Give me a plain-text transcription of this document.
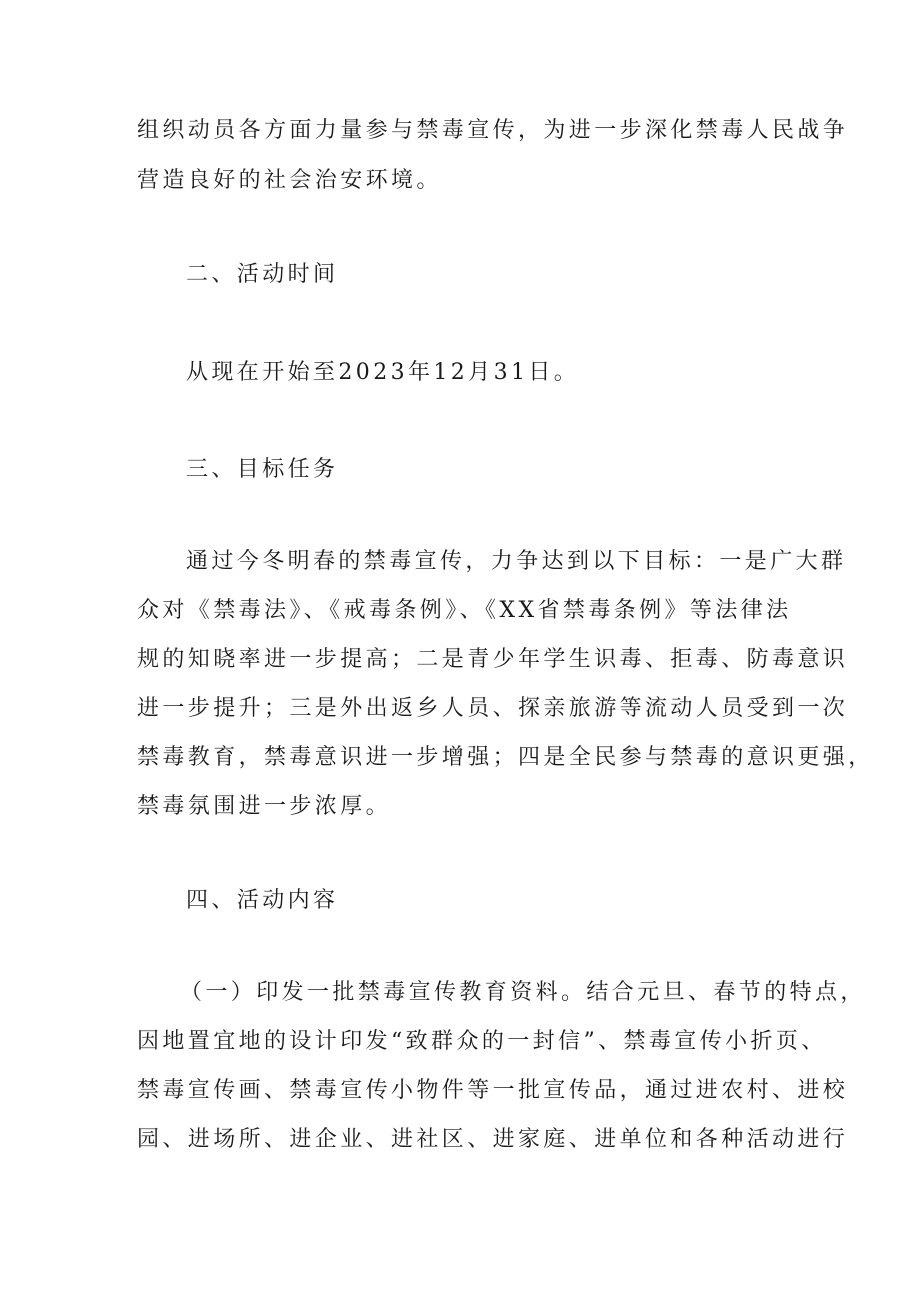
组织动员各方面力量参与禁毒宣传，为进一步深化禁毒人民战争

营造良好的社会治安环境。

二、活动时间

从现在开始至2023年12月31日。

三、目标任务

通过今冬明春的禁毒宣传，力争达到以下目标：一是广大群

众对《禁毒法》、《戒毒条例》、《XX省禁毒条例》等法律法

规的知晓率进一步提高；二是青少年学生识毒、拒毒、防毒意识

进一步提升；三是外出返乡人员、探亲旅游等流动人员受到一次

禁毒教育，禁毒意识进一步增强；四是全民参与禁毒的意识更强，

禁毒氛围进一步浓厚。

四、活动内容

（一）印发一批禁毒宣传教育资料。结合元旦、春节的特点，

因地置宜地的设计印发“致群众的一封信”、禁毒宣传小折页、

禁毒宣传画、禁毒宣传小物件等一批宣传品，通过进农村、进校

园、进场所、进企业、进社区、进家庭、进单位和各种活动进行
